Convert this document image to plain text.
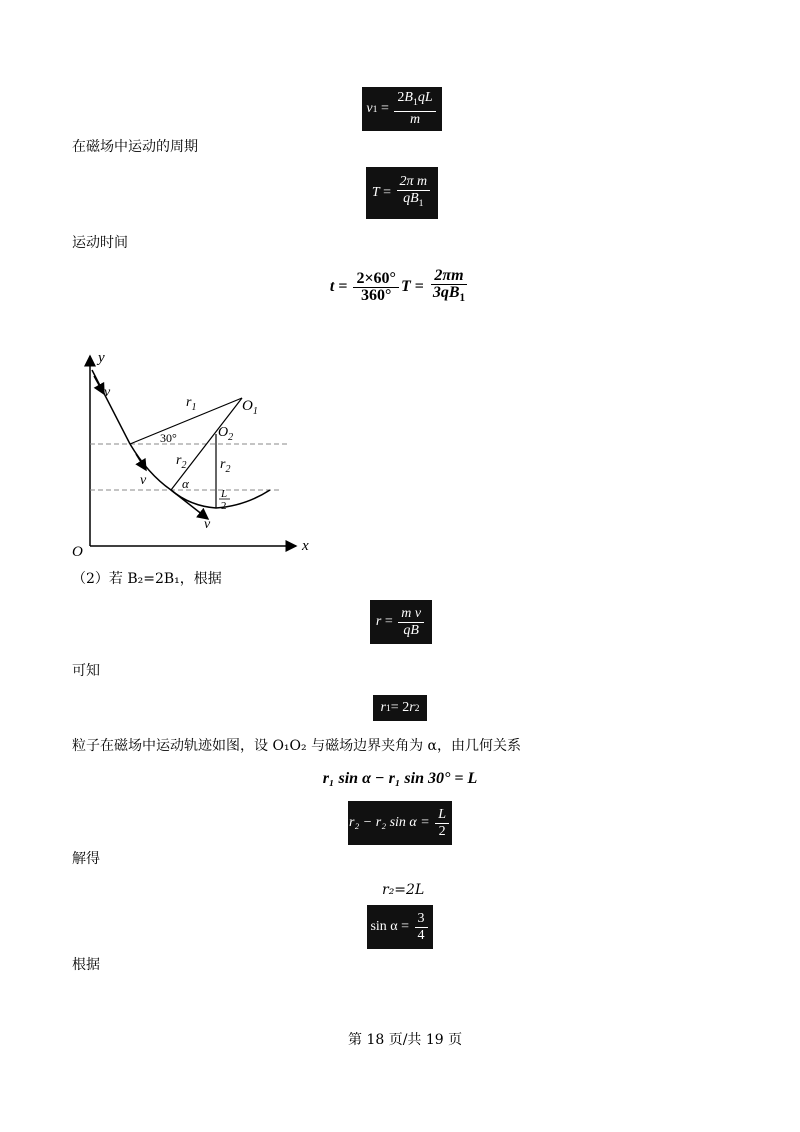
v $1 = \frac{2B_1qL}{m}$
在磁场中运动的周期
$T = \frac{\text{2π m}}{qB_1}$
运动时间
$t = \frac{2\times 60^\circ}{360^\circ}$ $T = \frac{2\pi m}{3qB_1}$
y
x
O
v
v
v
$r_1$	$O_1$
$O_2$
30°
$r_2$ $r_2$
α
L
2
（2）若 B₂=2B₁，根据
$r = \frac{\text{m v}}{qB}$
可知
r 1 = 2 r 2
粒子在磁场中运动轨迹如图，设 O₁O₂ 与磁场边界夹角为 α，由几何关系
r₁ sin α − r₁ sin 30° = L
r₂ − r₂ sin α =
$\frac{L}{2}$
解得
r₂=2L
sin α =
$\frac{3}{4}$
根据
第 18 页/共 19 页
